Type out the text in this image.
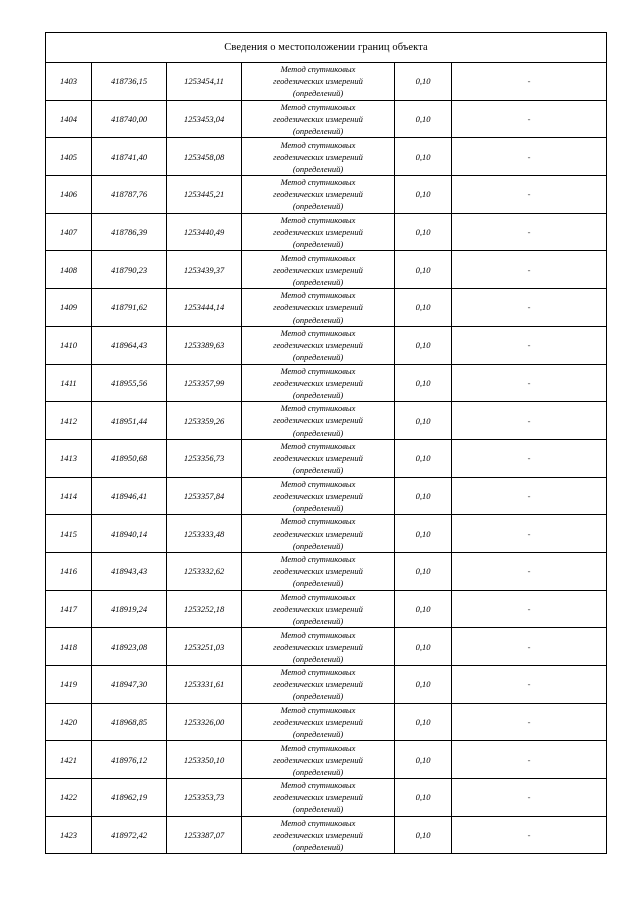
Сведения о местоположении границ объекта					
1403	418736,15	1253454,11	Метод спутниковых
геодезических измерений
(определений)	0,10	-
1404	418740,00	1253453,04	Метод спутниковых
геодезических измерений
(определений)	0,10	-
1405	418741,40	1253458,08	Метод спутниковых
геодезических измерений
(определений)	0,10	-
1406	418787,76	1253445,21	Метод спутниковых
геодезических измерений
(определений)	0,10	-
1407	418786,39	1253440,49	Метод спутниковых
геодезических измерений
(определений)	0,10	-
1408	418790,23	1253439,37	Метод спутниковых
геодезических измерений
(определений)	0,10	-
1409	418791,62	1253444,14	Метод спутниковых
геодезических измерений
(определений)	0,10	-
1410	418964,43	1253389,63	Метод спутниковых
геодезических измерений
(определений)	0,10	-
1411	418955,56	1253357,99	Метод спутниковых
геодезических измерений
(определений)	0,10	-
1412	418951,44	1253359,26	Метод спутниковых
геодезических измерений
(определений)	0,10	-
1413	418950,68	1253356,73	Метод спутниковых
геодезических измерений
(определений)	0,10	-
1414	418946,41	1253357,84	Метод спутниковых
геодезических измерений
(определений)	0,10	-
1415	418940,14	1253333,48	Метод спутниковых
геодезических измерений
(определений)	0,10	-
1416	418943,43	1253332,62	Метод спутниковых
геодезических измерений
(определений)	0,10	-
1417	418919,24	1253252,18	Метод спутниковых
геодезических измерений
(определений)	0,10	-
1418	418923,08	1253251,03	Метод спутниковых
геодезических измерений
(определений)	0,10	-
1419	418947,30	1253331,61	Метод спутниковых
геодезических измерений
(определений)	0,10	-
1420	418968,85	1253326,00	Метод спутниковых
геодезических измерений
(определений)	0,10	-
1421	418976,12	1253350,10	Метод спутниковых
геодезических измерений
(определений)	0,10	-
1422	418962,19	1253353,73	Метод спутниковых
геодезических измерений
(определений)	0,10	-
1423	418972,42	1253387,07	Метод спутниковых
геодезических измерений
(определений)	0,10	-
